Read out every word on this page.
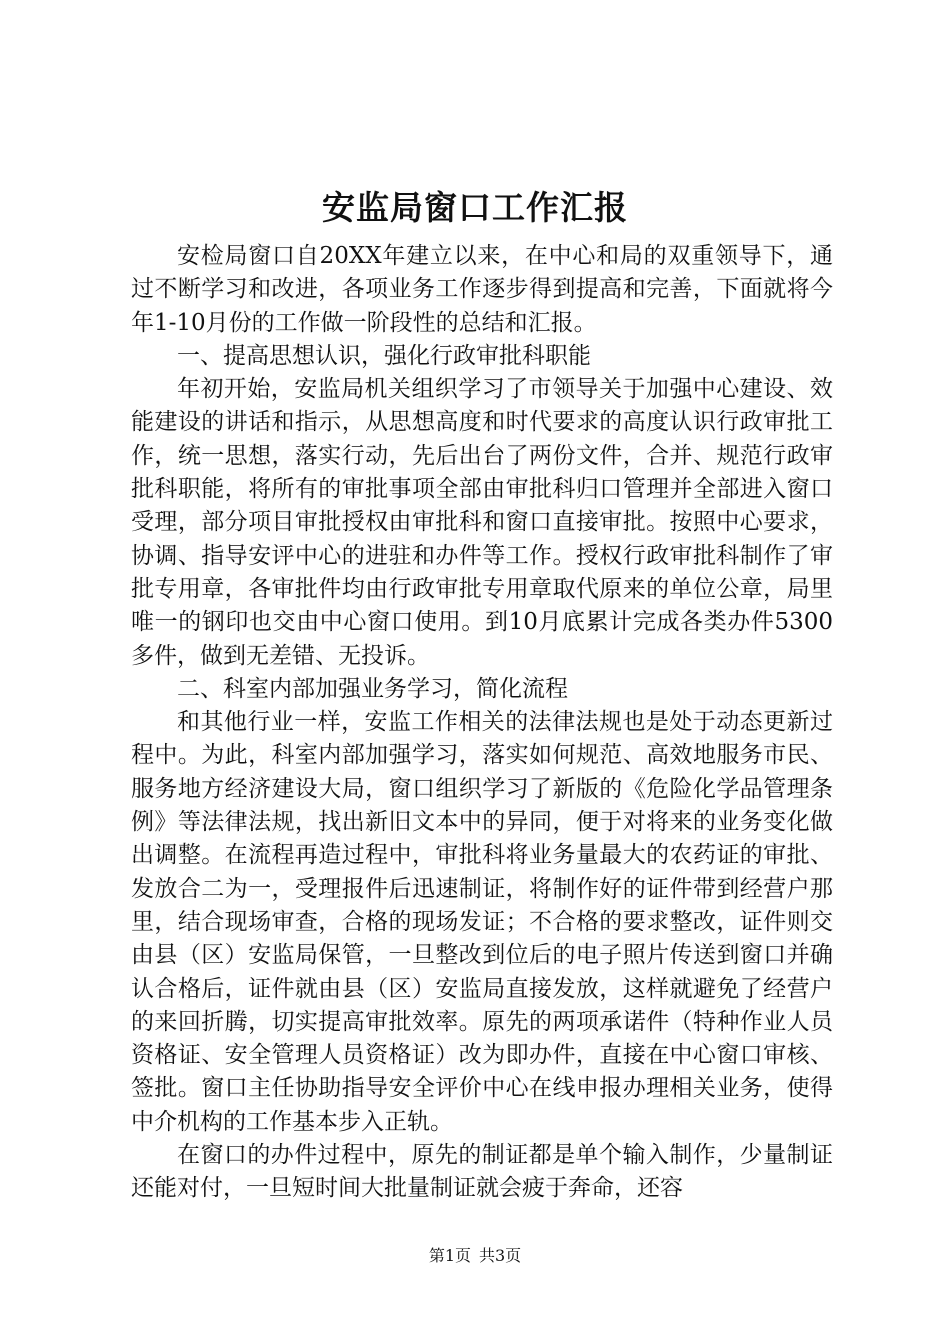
安监局窗口工作汇报

安检局窗口自20XX年建立以来，在中心和局的双重领导下，通过不断学习和改进，各项业务工作逐步得到提高和完善，下面就将今年1-10月份的工作做一阶段性的总结和汇报。

一、提高思想认识，强化行政审批科职能

年初开始，安监局机关组织学习了市领导关于加强中心建设、效能建设的讲话和指示，从思想高度和时代要求的高度认识行政审批工作，统一思想，落实行动，先后出台了两份文件，合并、规范行政审批科职能，将所有的审批事项全部由审批科归口管理并全部进入窗口受理，部分项目审批授权由审批科和窗口直接审批。按照中心要求，协调、指导安评中心的进驻和办件等工作。授权行政审批科制作了审批专用章，各审批件均由行政审批专用章取代原来的单位公章，局里唯一的钢印也交由中心窗口使用。到10月底累计完成各类办件5300多件，做到无差错、无投诉。

二、科室内部加强业务学习，简化流程

和其他行业一样，安监工作相关的法律法规也是处于动态更新过程中。为此，科室内部加强学习，落实如何规范、高效地服务市民、服务地方经济建设大局，窗口组织学习了新版的《危险化学品管理条例》等法律法规，找出新旧文本中的异同，便于对将来的业务变化做出调整。在流程再造过程中，审批科将业务量最大的农药证的审批、发放合二为一，受理报件后迅速制证，将制作好的证件带到经营户那里，结合现场审查，合格的现场发证；不合格的要求整改，证件则交由县（区）安监局保管，一旦整改到位后的电子照片传送到窗口并确认合格后，证件就由县（区）安监局直接发放，这样就避免了经营户的来回折腾，切实提高审批效率。原先的两项承诺件（特种作业人员资格证、安全管理人员资格证）改为即办件，直接在中心窗口审核、签批。窗口主任协助指导安全评价中心在线申报办理相关业务，使得中介机构的工作基本步入正轨。

在窗口的办件过程中，原先的制证都是单个输入制作，少量制证还能对付，一旦短时间大批量制证就会疲于奔命，还容

第1页 共3页
